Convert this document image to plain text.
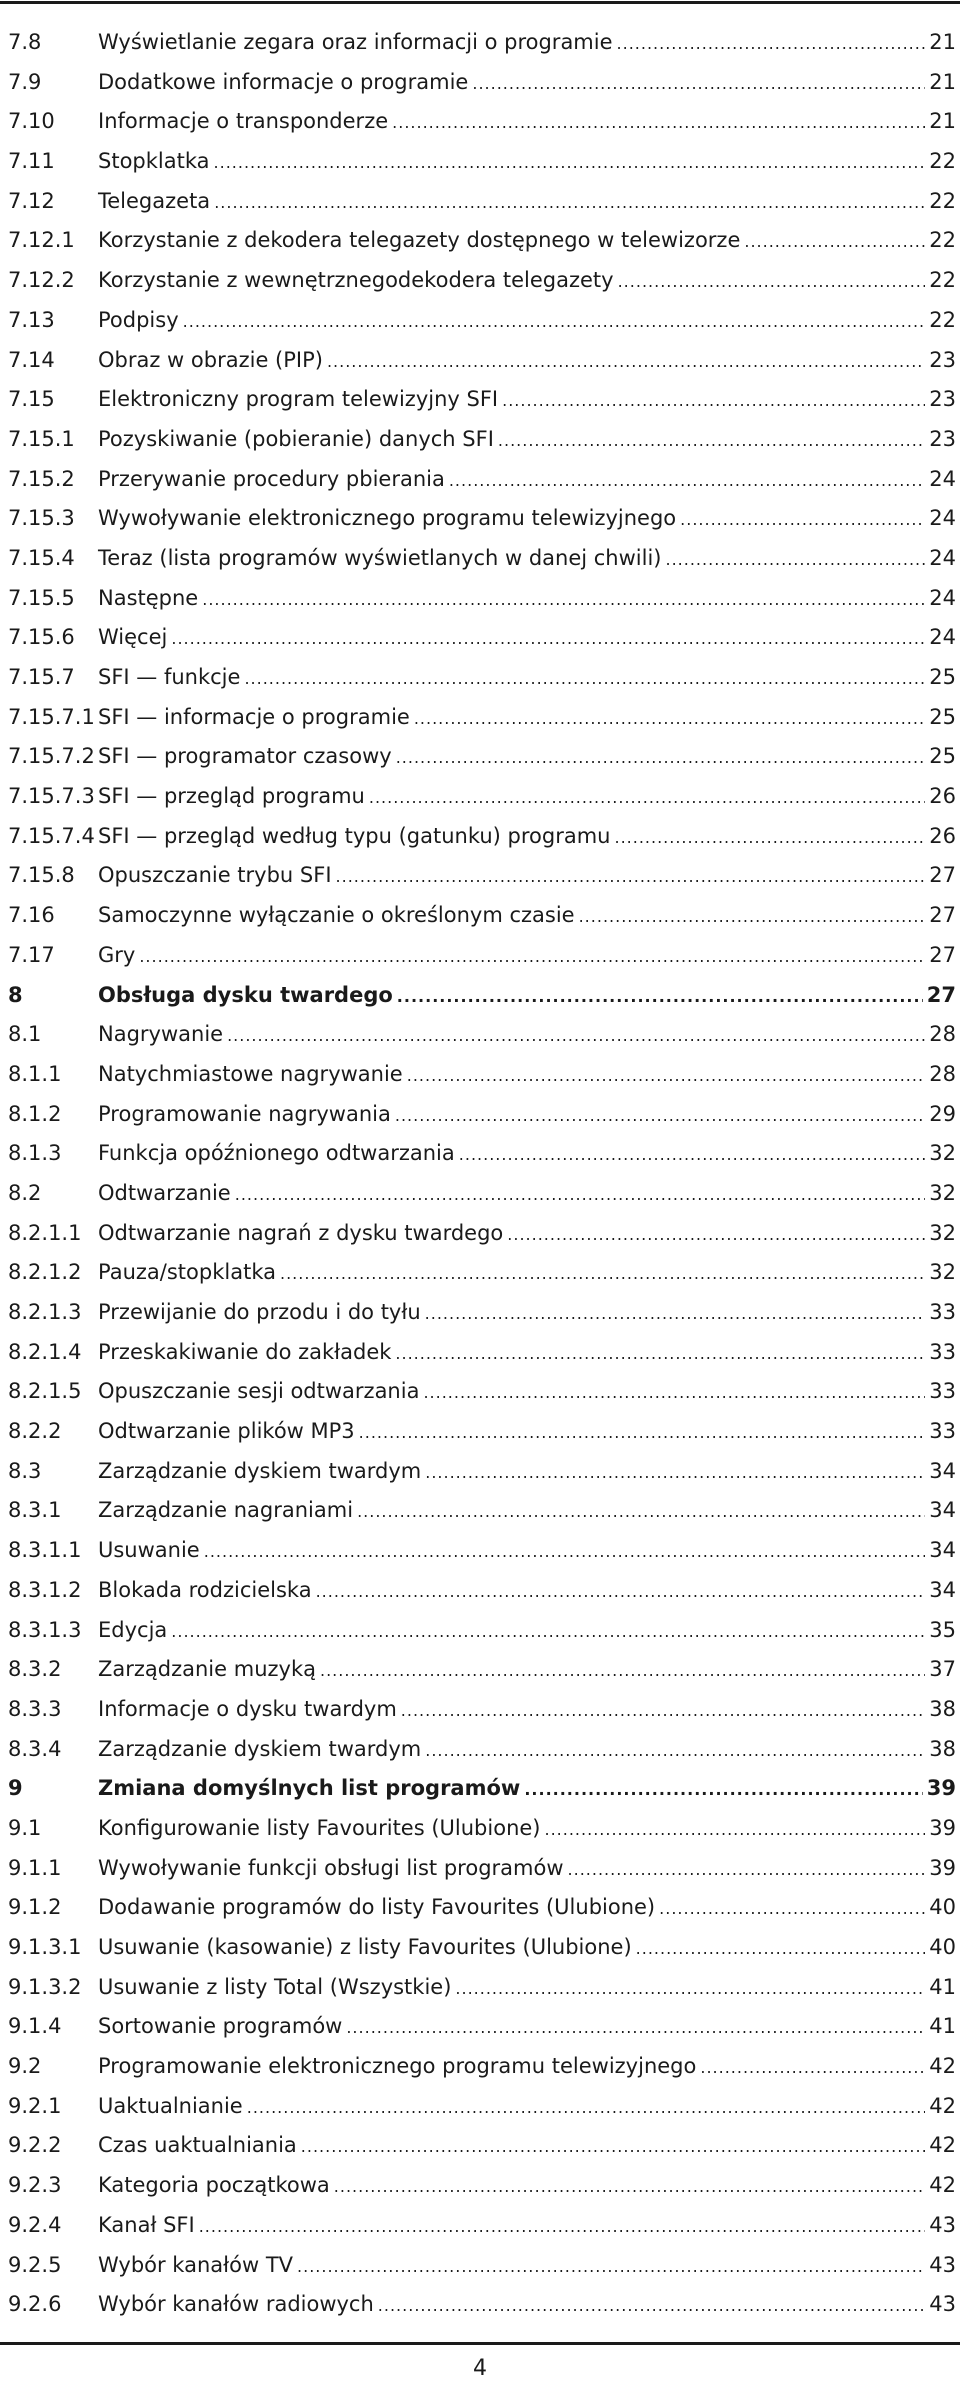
7.8	Wyświetlanie zegara oraz informacji o programie .....	21
7.9	Dodatkowe informacje o programie .....	21
7.10	Informacje o transponderze .....	21
7.11	Stopklatka .....	22
7.12	Telegazeta .....	22
7.12.1	Korzystanie z dekodera telegazety dostępnego w telewizorze .....	22
7.12.2	Korzystanie z wewnętrznegodekodera telegazety .....	22
7.13	Podpisy .....	22
7.14	Obraz w obrazie (PIP) .....	23
7.15	Elektroniczny program telewizyjny SFI .....	23
7.15.1	Pozyskiwanie (pobieranie) danych SFI .....	23
7.15.2	Przerywanie procedury pbierania .....	24
7.15.3	Wywoływanie elektronicznego programu telewizyjnego .....	24
7.15.4	Teraz (lista programów wyświetlanych w danej chwili) .....	24
7.15.5	Następne .....	24
7.15.6	Więcej .....	24
7.15.7	SFI — funkcje .....	25
7.15.7.1 SFI — informacje o programie .....	25
7.15.7.2 SFI — programator czasowy .....	25
7.15.7.3 SFI — przegląd programu .....	26
7.15.7.4 SFI — przegląd według typu (gatunku) programu .....	26
7.15.8	Opuszczanie trybu SFI .....	27
7.16	Samoczynne wyłączanie o określonym czasie .....	27
7.17	Gry .....	27
8	Obsługa dysku twardego .....	27
8.1	Nagrywanie .....	28
8.1.1	Natychmiastowe nagrywanie .....	28
8.1.2	Programowanie nagrywania .....	29
8.1.3	Funkcja opóźnionego odtwarzania .....	32
8.2	Odtwarzanie .....	32
8.2.1.1 Odtwarzanie nagrań z dysku twardego .....	32
8.2.1.2 Pauza/stopklatka .....	32
8.2.1.3 Przewijanie do przodu i do tyłu .....	33
8.2.1.4 Przeskakiwanie do zakładek .....	33
8.2.1.5 Opuszczanie sesji odtwarzania .....	33
8.2.2	Odtwarzanie plików MP3 .....	33
8.3	Zarządzanie dyskiem twardym .....	34
8.3.1	Zarządzanie nagraniami .....	34
8.3.1.1 Usuwanie .....	34
8.3.1.2 Blokada rodzicielska .....	34
8.3.1.3 Edycja .....	35
8.3.2	Zarządzanie muzyką .....	37
8.3.3	Informacje o dysku twardym .....	38
8.3.4	Zarządzanie dyskiem twardym .....	38
9	Zmiana domyślnych list programów .....	39
9.1	Konfigurowanie listy Favourites (Ulubione) .....	39
9.1.1	Wywoływanie funkcji obsługi list programów .....	39
9.1.2	Dodawanie programów do listy Favourites (Ulubione) .....	40
9.1.3.1 Usuwanie (kasowanie) z listy Favourites (Ulubione) .....	40
9.1.3.2 Usuwanie z listy Total (Wszystkie) .....	41
9.1.4	Sortowanie programów .....	41
9.2	Programowanie elektronicznego programu telewizyjnego .....	42
9.2.1	Uaktualnianie .....	42
9.2.2	Czas uaktualniania .....	42
9.2.3	Kategoria początkowa .....	42
9.2.4	Kanał SFI .....	43
9.2.5	Wybór kanałów TV .....	43
9.2.6	Wybór kanałów radiowych .....	43
4
